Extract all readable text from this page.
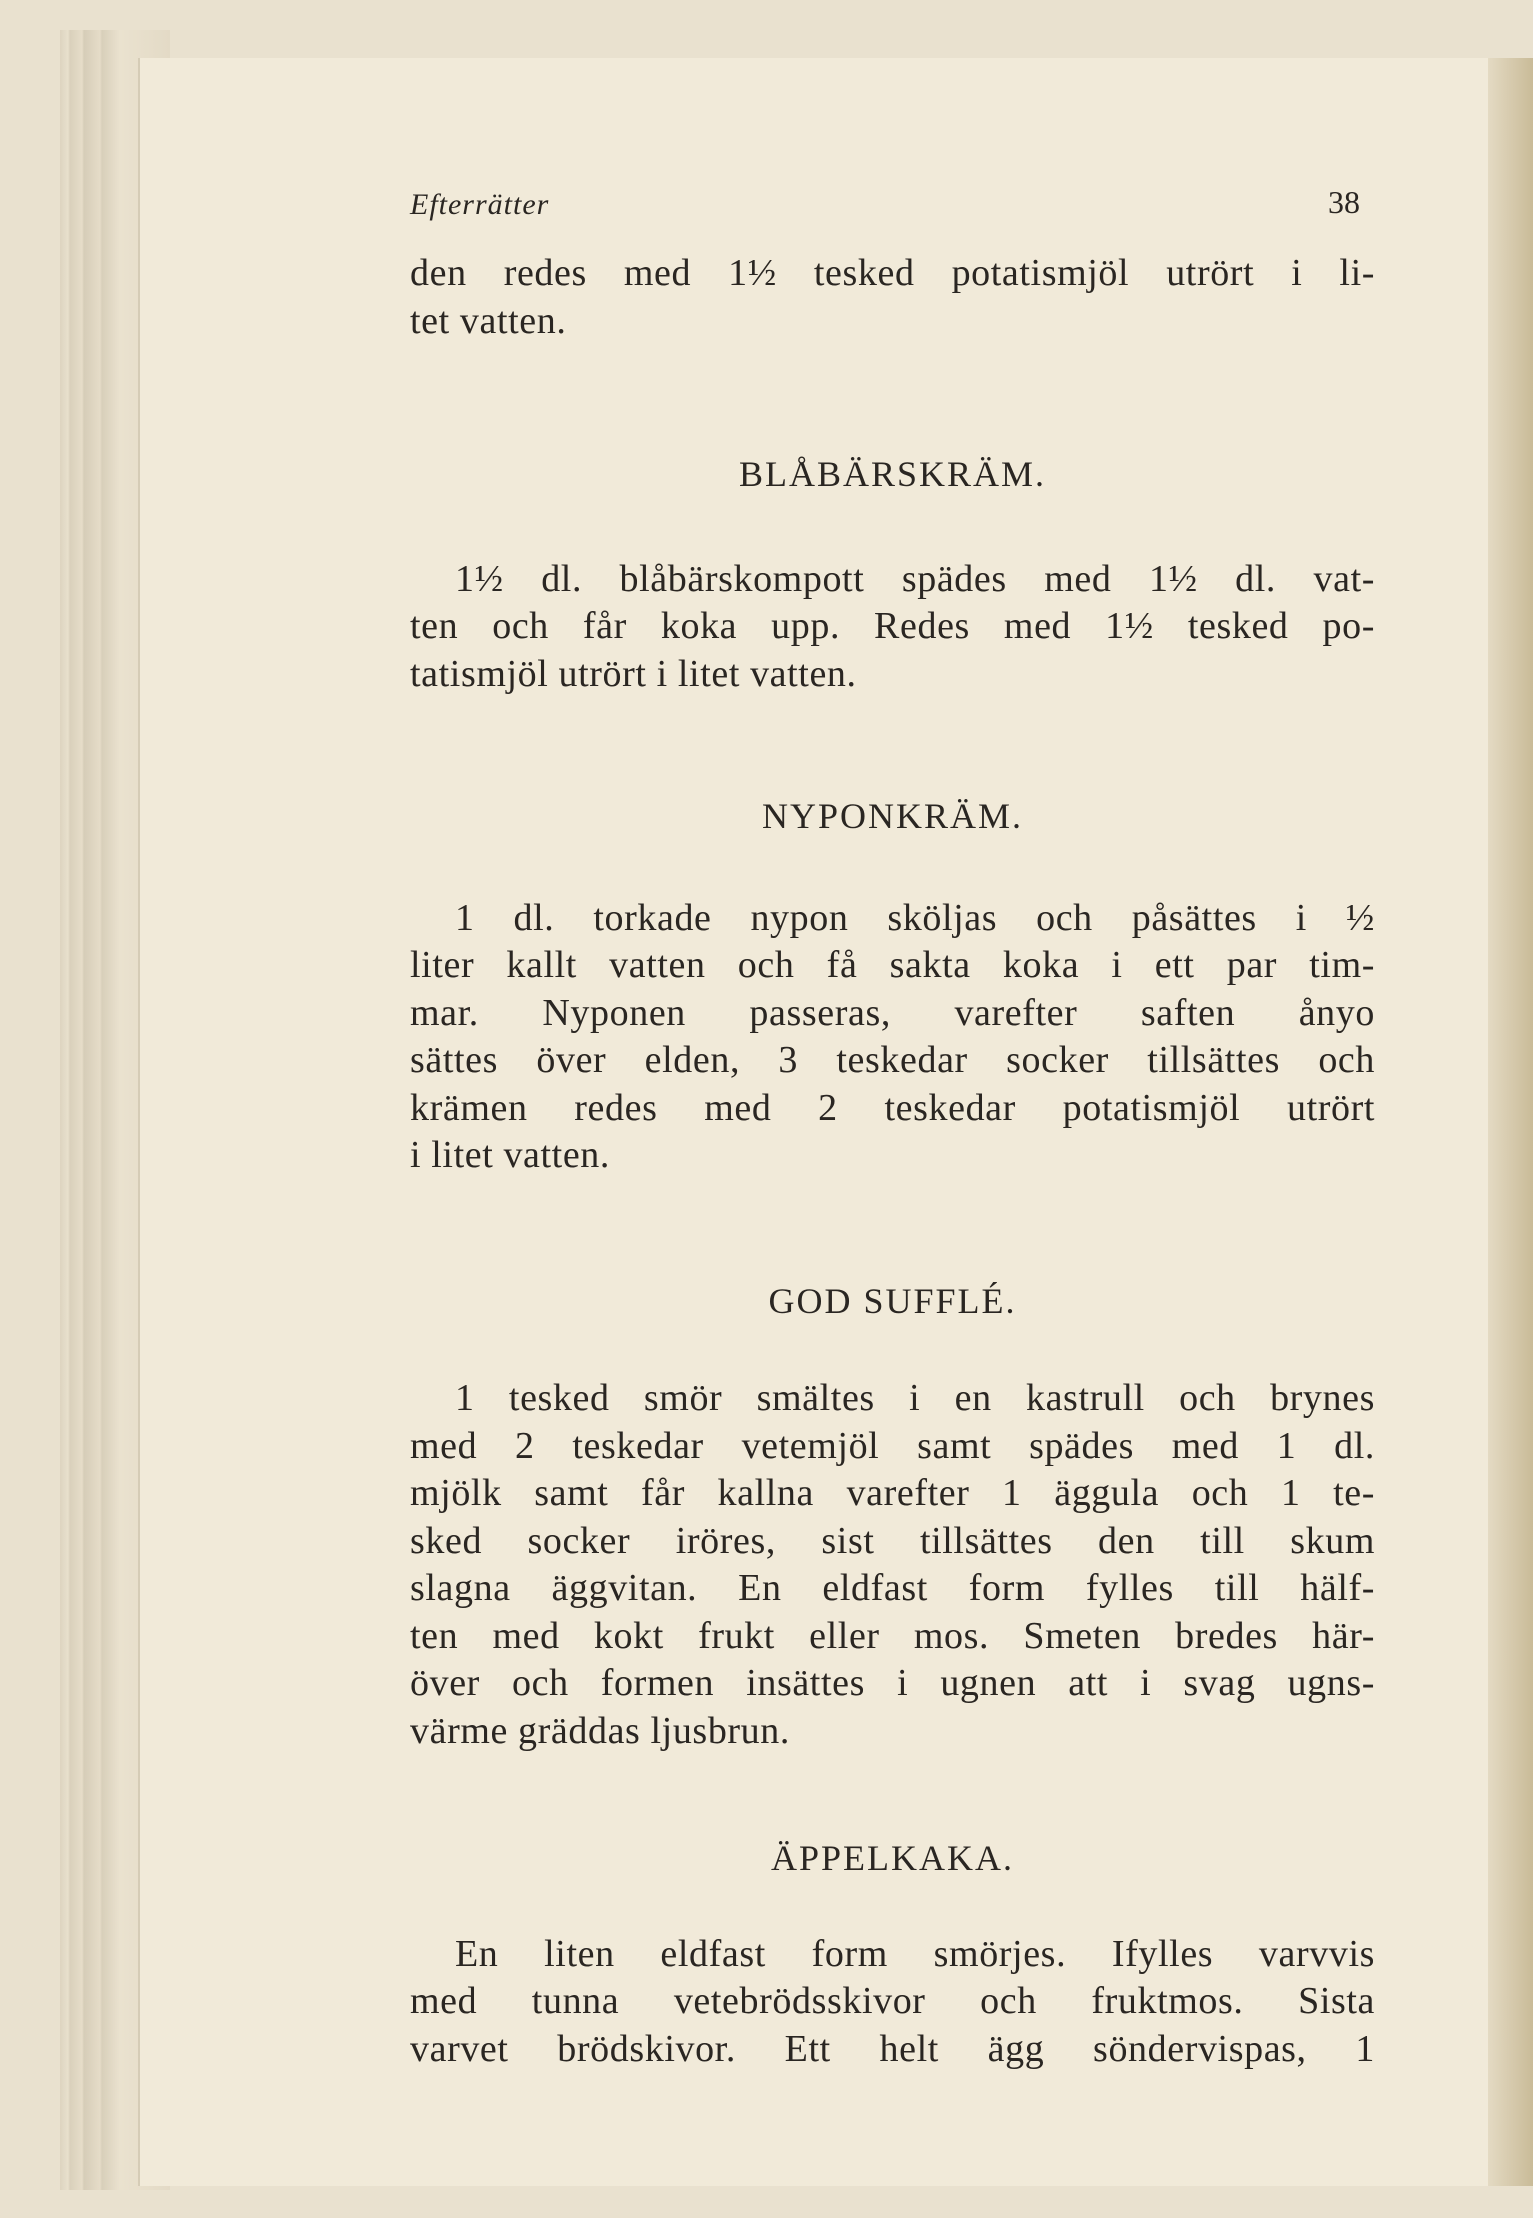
Efterrätter	38

den redes med 1½ tesked potatismjöl utrört i li-
tet vatten.

BLÅBÄRSKRÄM.

1½ dl. blåbärskompott spädes med 1½ dl. vat-
ten och får koka upp. Redes med 1½ tesked po-
tatismjöl utrört i litet vatten.

NYPONKRÄM.

1 dl. torkade nypon sköljas och påsättes i ½
liter kallt vatten och få sakta koka i ett par tim-
mar. Nyponen passeras, varefter saften ånyo
sättes över elden, 3 teskedar socker tillsättes och
krämen redes med 2 teskedar potatismjöl utrört
i litet vatten.

GOD SUFFLÉ.

1 tesked smör smältes i en kastrull och brynes
med 2 teskedar vetemjöl samt spädes med 1 dl.
mjölk samt får kallna varefter 1 äggula och 1 te-
sked socker iröres, sist tillsättes den till skum
slagna äggvitan. En eldfast form fylles till hälf-
ten med kokt frukt eller mos. Smeten bredes här-
över och formen insättes i ugnen att i svag ugns-
värme gräddas ljusbrun.

ÄPPELKAKA.

En liten eldfast form smörjes. Ifylles varvvis
med tunna vetebrödsskivor och fruktmos. Sista
varvet brödskivor. Ett helt ägg söndervispas, 1
